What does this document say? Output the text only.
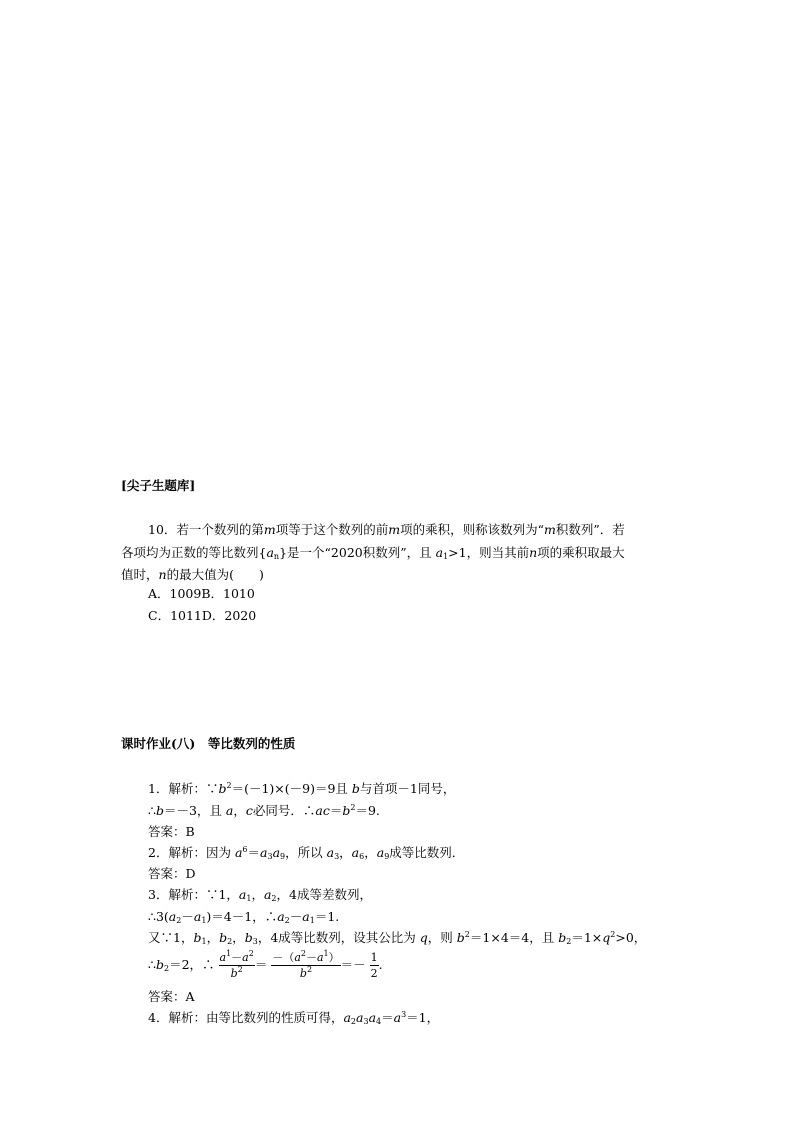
[尖子生题库]
10．若一个数列的第m项等于这个数列的前m项的乘积，则称该数列为“m积数列”．若
各项均为正数的等比数列$\{a_n\}$是一个“2020积数列”，且 $a_1>1$，则当其前n项的乘积取最大
值时，n的最大值为(　　)
A．1009B．1010
C．1011D．2020
课时作业(八)　等比数列的性质
1．解析：$\because b^2=(-1)\times(-9)=9$且 b与首项－1同号，
∴b＝－3，且 a，c必同号．$\therefore ac=b^2=9$.
答案：B
2．解析：因为 $a^6=a_3a_9$，所以 $a_3$，$a_6$，$a_9$成等比数列．
答案：D
3．解析：∵1，$a_1$，$a_2$，4成等差数列，
$\therefore 3(a_2-a_1)=4-1$，$\therefore a_2-a_1=1$.
又∵1，$b_1$，$b_2$，$b_3$，4成等比数列，设其公比为 q，则 $b^2=1\times 4=4$，且 $b_2=1\times q^2>0$，
$\therefore b_2=2$，∴ $\frac{a^1-a^2}{b^2} = \frac{-(a^2-a^1)}{b^2} =- \frac{1}{2}$ .
答案：A
4．解析：由等比数列的性质可得，$a_2a_3a_4=a^3=1$，
